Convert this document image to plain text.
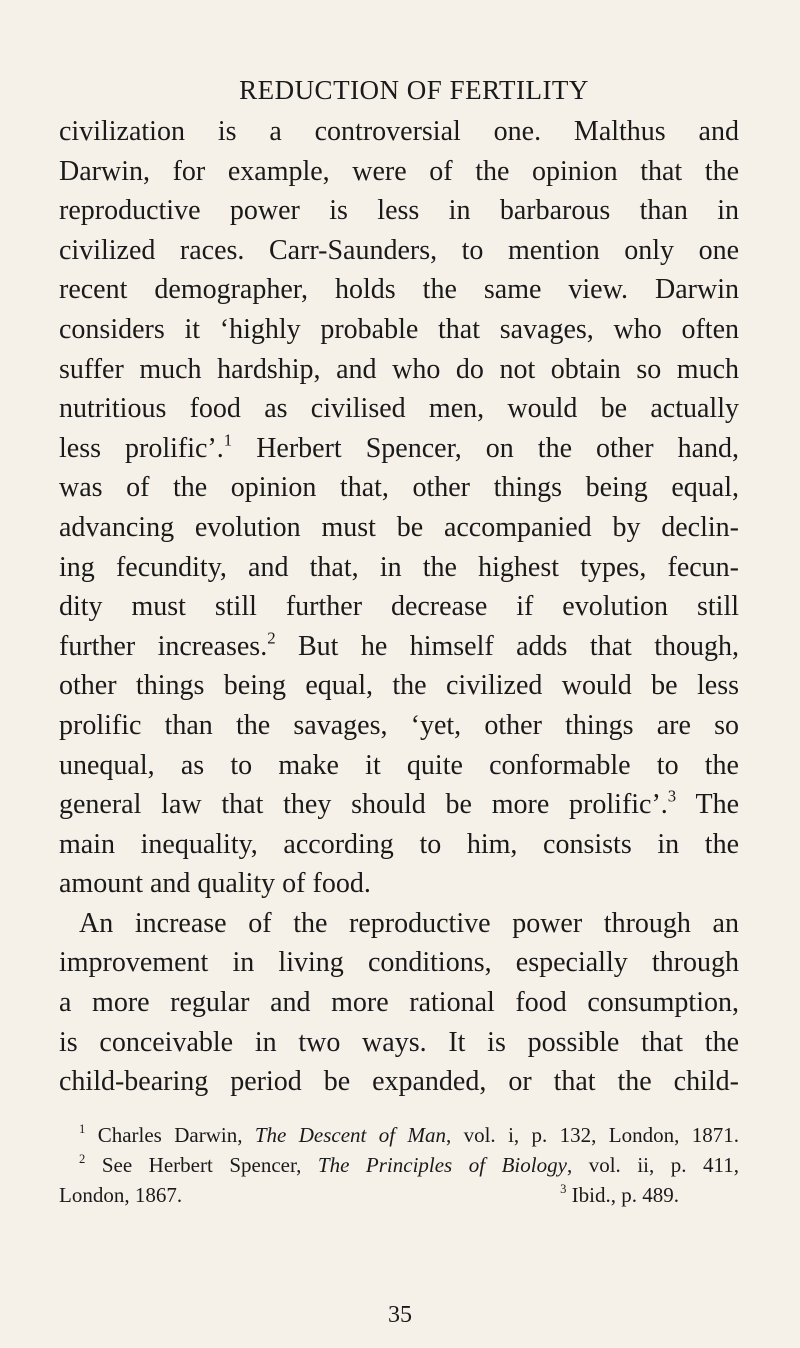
REDUCTION OF FERTILITY
civilization is a controversial one. Malthus and
Darwin, for example, were of the opinion that the
reproductive power is less in barbarous than in
civilized races. Carr-Saunders, to mention only one
recent demographer, holds the same view. Darwin
considers it ‘highly probable that savages, who often
suffer much hardship, and who do not obtain so much
nutritious food as civilised men, would be actually
less prolific’.$^1$ Herbert Spencer, on the other hand,
was of the opinion that, other things being equal,
advancing evolution must be accompanied by declin-
ing fecundity, and that, in the highest types, fecun-
dity must still further decrease if evolution still
further increases.$^2$ But he himself adds that though,
other things being equal, the civilized would be less
prolific than the savages, ‘yet, other things are so
unequal, as to make it quite conformable to the
general law that they should be more prolific’.$^3$ The
main inequality, according to him, consists in the
amount and quality of food.
An increase of the reproductive power through an
improvement in living conditions, especially through
a more regular and more rational food consumption,
is conceivable in two ways. It is possible that the
child-bearing period be expanded, or that the child-
$^1$ Charles Darwin, The Descent of Man, vol. i, p. 132, London, 1871.
$^2$ See Herbert Spencer, The Principles of Biology, vol. ii, p. 411,
London, 1867.	$^3$ Ibid., p. 489.
35
